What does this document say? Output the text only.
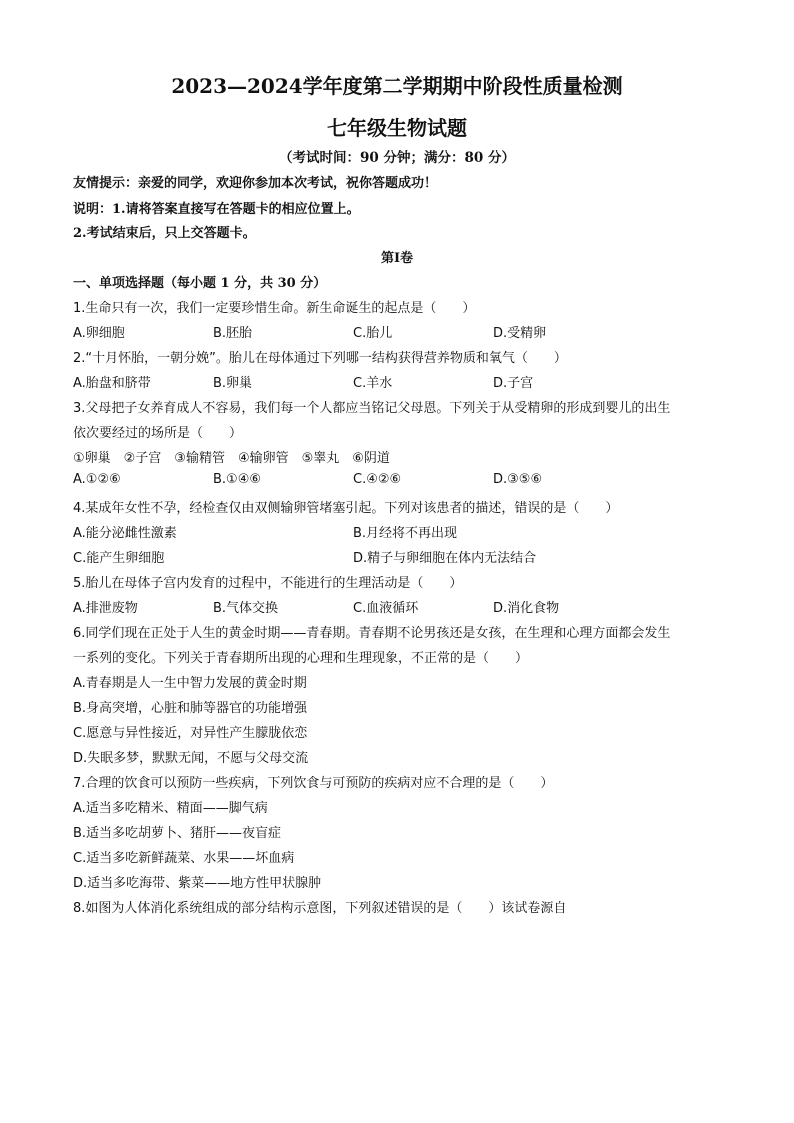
2023—2024学年度第二学期期中阶段性质量检测
七年级生物试题
（考试时间：90 分钟；满分：80 分）
友情提示：亲爱的同学，欢迎你参加本次考试，祝你答题成功！
说明：1.请将答案直接写在答题卡的相应位置上。
2.考试结束后，只上交答题卡。
第Ⅰ卷
一、单项选择题（每小题 1 分，共 30 分）
1.生命只有一次，我们一定要珍惜生命。新生命诞生的起点是（　　）
A.卵细胞	B.胚胎	C.胎儿	D.受精卵
2.“十月怀胎，一朝分娩”。胎儿在母体通过下列哪一结构获得营养物质和氧气（　　）
A.胎盘和脐带	B.卵巢	C.羊水	D.子宫
3.父母把子女养育成人不容易，我们每一个人都应当铭记父母恩。下列关于从受精卵的形成到婴儿的出生
依次要经过的场所是（　　）
①卵巢　②子宫　③输精管　④输卵管　⑤睾丸　⑥阴道
A.①②⑥	B.①④⑥	C.④②⑥	D.③⑤⑥
4.某成年女性不孕，经检查仅由双侧输卵管堵塞引起。下列对该患者的描述，错误的是（　　）
A.能分泌雌性激素	B.月经将不再出现
C.能产生卵细胞	D.精子与卵细胞在体内无法结合
5.胎儿在母体子宫内发育的过程中，不能进行的生理活动是（　　）
A.排泄废物	B.气体交换	C.血液循环	D.消化食物
6.同学们现在正处于人生的黄金时期——青春期。青春期不论男孩还是女孩，在生理和心理方面都会发生
一系列的变化。下列关于青春期所出现的心理和生理现象，不正常的是（　　）
A.青春期是人一生中智力发展的黄金时期
B.身高突增，心脏和肺等器官的功能增强
C.愿意与异性接近，对异性产生朦胧依恋
D.失眠多梦，默默无闻，不愿与父母交流
7.合理的饮食可以预防一些疾病，下列饮食与可预防的疾病对应不合理的是（　　）
A.适当多吃精米、精面——脚气病
B.适当多吃胡萝卜、猪肝——夜盲症
C.适当多吃新鲜蔬菜、水果——坏血病
D.适当多吃海带、紫菜——地方性甲状腺肿
8.如图为人体消化系统组成的部分结构示意图，下列叙述错误的是（　　）该试卷源自
